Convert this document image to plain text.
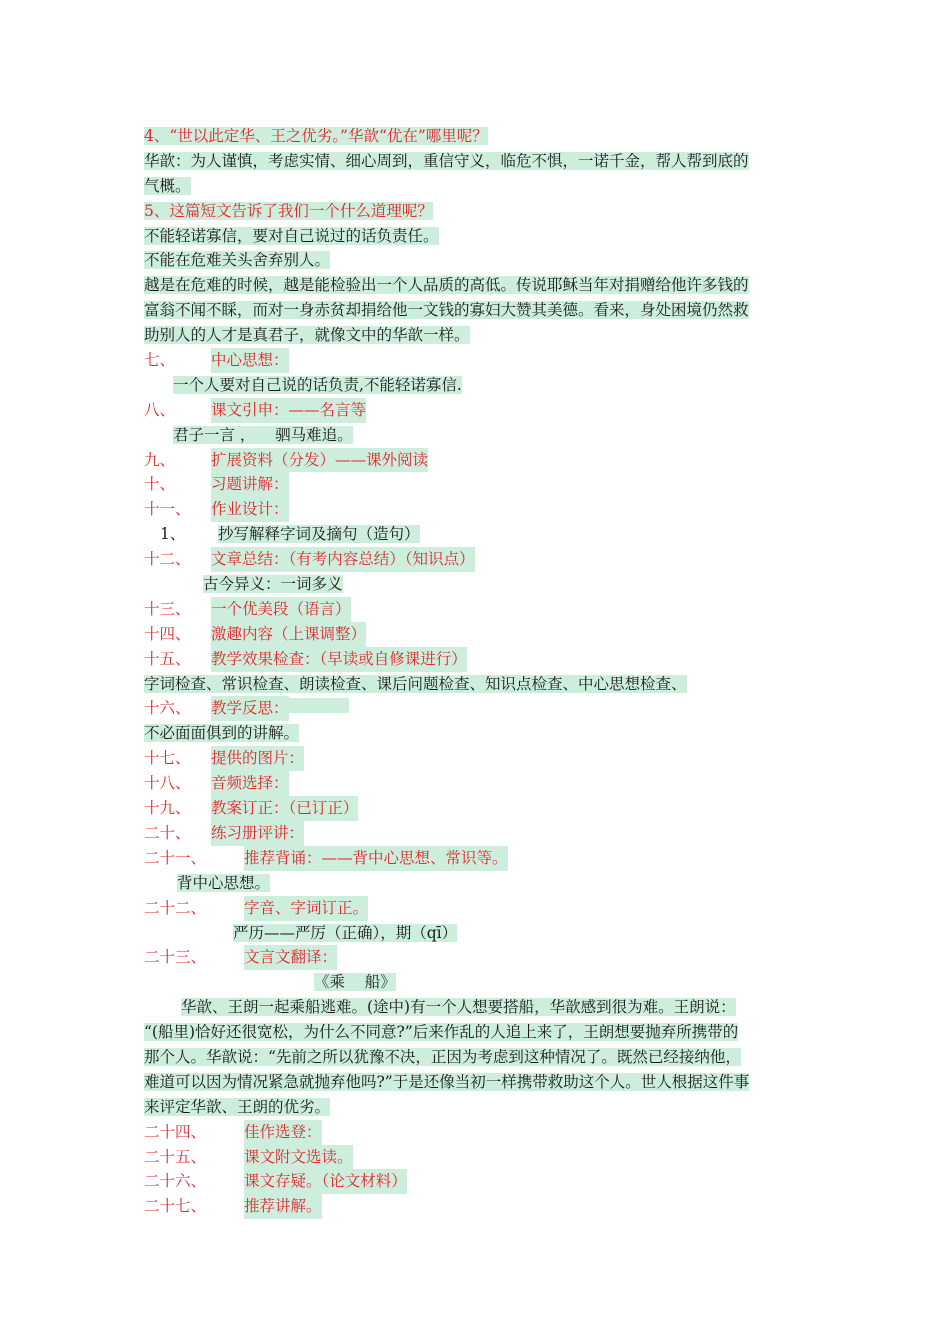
4、“世以此定华、王之优劣。”华歆“优在”哪里呢？
华歆：为人谨慎，考虑实情、细心周到，重信守义，临危不惧，一诺千金，帮人帮到底的
气概。
5、这篇短文告诉了我们一个什么道理呢？
不能轻诺寡信，要对自己说过的话负责任。
不能在危难关头舍弃别人。
越是在危难的时候，越是能检验出一个人品质的高低。传说耶稣当年对捐赠给他许多钱的
富翁不闻不睬，而对一身赤贫却捐给他一文钱的寡妇大赞其美德。看来，身处困境仍然救
助别人的人才是真君子，就像文中的华歆一样。
七、 中心思想：
一个人要对自己说的话负责,不能轻诺寡信.
八、 课文引申：——名言等
君子一言 ，    驷马难追。
九、 扩展资料（分发）——课外阅读
十、 习题讲解：
十一、 作业设计：
1、 抄写解释字词及摘句（造句）
十二、 文章总结：（有考内容总结）（知识点）
古今异义：一词多义
十三、 一个优美段（语言）
十四、 激趣内容（上课调整）
十五、 教学效果检查：（早读或自修课进行）
字词检查、常识检查、朗读检查、课后问题检查、知识点检查、中心思想检查、
十六、 教学反思：
不必面面俱到的讲解。
十七、 提供的图片：
十八、 音频选择：
十九、 教案订正：（已订正）
二十、 练习册评讲：
二十一、 推荐背诵：——背中心思想、常识等。
背中心思想。
二十二、 字音、字词订正。
严历——严厉（正确），期（qī）
二十三、 文言文翻译：
《乘    船》
华歆、王朗一起乘船逃难。(途中)有一个人想要搭船，华歆感到很为难。王朗说：
“(船里)恰好还很宽松，为什么不同意?”后来作乱的人追上来了，王朗想要抛弃所携带的
那个人。华歆说：“先前之所以犹豫不决，正因为考虑到这种情况了。既然已经接纳他，
难道可以因为情况紧急就抛弃他吗?”于是还像当初一样携带救助这个人。世人根据这件事
来评定华歆、王朗的优劣。
二十四、 佳作选登：
二十五、 课文附文选读。
二十六、 课文存疑。（论文材料）
二十七、 推荐讲解。
